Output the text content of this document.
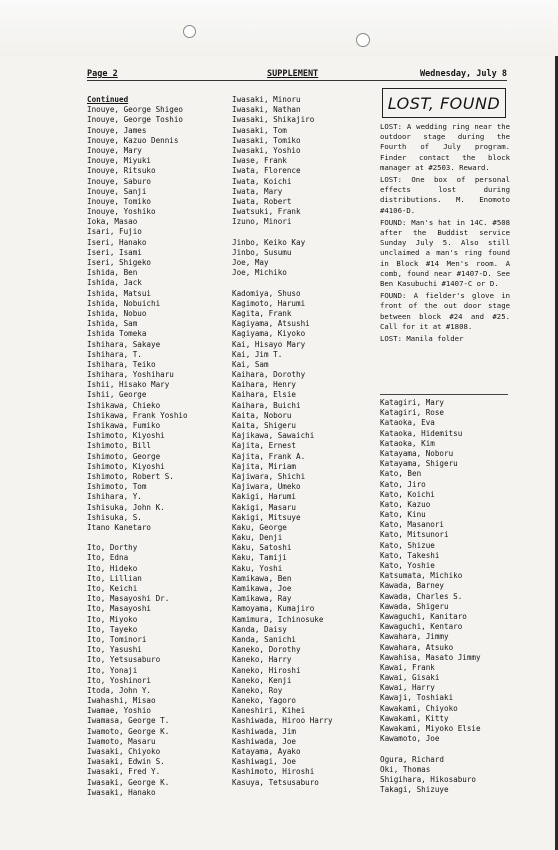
Page 2	SUPPLEMENT	Wednesday, July 8
Continued
Inouye, George Shigeo
Inouye, George Toshio
Inouye, James
Inouye, Kazuo Dennis
Inouye, Mary
Inouye, Miyuki
Inouye, Ritsuko
Inouye, Saburo
Inouye, Sanji
Inouye, Tomiko
Inouye, Yoshiko
Ioka, Masao
Isari, Fujio
Iseri, Hanako
Iseri, Isami
Iseri, Shigeko
Ishida, Ben
Ishida, Jack
Ishida, Matsui
Ishida, Nobuichi
Ishida, Nobuo
Ishida, Sam
Ishida Tomeka
Ishihara, Sakaye
Ishihara, T.
Ishihara, Teiko
Ishihara, Yoshiharu
Ishii, Hisako Mary
Ishii, George
Ishikawa, Chieko
Ishikawa, Frank Yoshio
Ishikawa, Fumiko
Ishimoto, Kiyoshi
Ishimoto, Bill
Ishimoto, George
Ishimoto, Kiyoshi
Ishimoto, Robert S.
Ishimoto, Tom
Ishihara, Y.
Ishisuka, John K.
Ishisuka, S.
Itano Kanetaro
Ito, Dorthy
Ito, Edna
Ito, Hideko
Ito, Lillian
Ito, Keichi
Ito, Masayoshi Dr.
Ito, Masayoshi
Ito, Miyoko
Ito, Tayeko
Ito, Tominori
Ito, Yasushi
Ito, Yetsusaburo
Ito, Yonaji
Ito, Yoshinori
Itoda, John Y.
Iwahashi, Misao
Iwamae, Yoshio
Iwamasa, George T.
Iwamoto, George K.
Iwamoto, Masaru
Iwasaki, Chiyoko
Iwasaki, Edwin S.
Iwasaki, Fred Y.
Iwasaki, George K.
Iwasaki, Hanako
Iwasaki, Minoru
Iwasaki, Nathan
Iwasaki, Shikajiro
Iwasaki, Tom
Iwasaki, Tomiko
Iwasaki, Yoshio
Iwase, Frank
Iwata, Florence
Iwata, Koichi
Iwata, Mary
Iwata, Robert
Iwatsuki, Frank
Izuno, Minori
Jinbo, Keiko Kay
Jinbo, Susumu
Joe, May
Joe, Michiko
Kadomiya, Shuso
Kagimoto, Harumi
Kagita, Frank
Kagiyama, Atsushi
Kagiyama, Kiyoko
Kai, Hisayo Mary
Kai, Jim T.
Kai, Sam
Kaihara, Dorothy
Kaihara, Henry
Kaihara, Elsie
Kaihara, Buichi
Kaita, Noboru
Kaita, Shigeru
Kajikawa, Sawaichi
Kajita, Ernest
Kajita, Frank A.
Kajita, Miriam
Kajiwara, Shichi
Kajiwara, Umeko
Kakigi, Harumi
Kakigi, Masaru
Kakigi, Mitsuye
Kaku, George
Kaku, Denji
Kaku, Satoshi
Kaku, Tamiji
Kaku, Yoshi
Kamikawa, Ben
Kamikawa, Joe
Kamikawa, Ray
Kamoyama, Kumajiro
Kamimura, Ichinosuke
Kanda, Daisy
Kanda, Sanichi
Kaneko, Dorothy
Kaneko, Harry
Kaneko, Hiroshi
Kaneko, Kenji
Kaneko, Roy
Kaneko, Yagoro
Kaneshiri, Kihei
Kashiwada, Hiroo Harry
Kashiwada, Jim
Kashiwada, Joe
Katayama, Ayako
Kashiwagi, Joe
Kashimoto, Hiroshi
Kasuya, Tetsusaburo
LOST, FOUND

LOST: A wedding ring near the outdoor stage during the Fourth of July program. Finder contact the block manager at #2503. Reward.

LOST: One box of personal effects lost during distributions. M. Enomoto #4106-D.

FOUND: Man's hat in 14C. #508 after the Buddist service Sunday July 5. Also still unclaimed a man's ring found in Block #14 Men's room. A comb, found near #1407-D. See Ben Kasubuchi #1407-C or D.

FOUND: A fielder's glove in front of the out door stage between block #24 and #25. Call for it at #1808.

LOST: Manila folder

Katagiri, Mary
Katagiri, Rose
Kataoka, Eva
Kataoka, Hidemitsu
Kataoka, Kim
Katayama, Noboru
Katayama, Shigeru
Kato, Ben
Kato, Jiro
Kato, Koichi
Kato, Kazuo
Kato, Kinu
Kato, Masanori
Kato, Mitsunori
Kato, Shizue
Kato, Takeshi
Kato, Yoshie
Katsumata, Michiko
Kawada, Barney
Kawada, Charles S.
Kawada, Shigeru
Kawaguchi, Kanitaro
Kawaguchi, Kentaro
Kawahara, Jimmy
Kawahara, Atsuko
Kawahisa, Masato Jimmy
Kawai, Frank
Kawai, Gisaki
Kawai, Harry
Kawaji, Toshiaki
Kawakami, Chiyoko
Kawakami, Kitty
Kawakami, Miyoko Elsie
Kawamoto, Joe
Ogura, Richard
Oki, Thomas
Shigihara, Hikosaburo
Takagi, Shizuye
